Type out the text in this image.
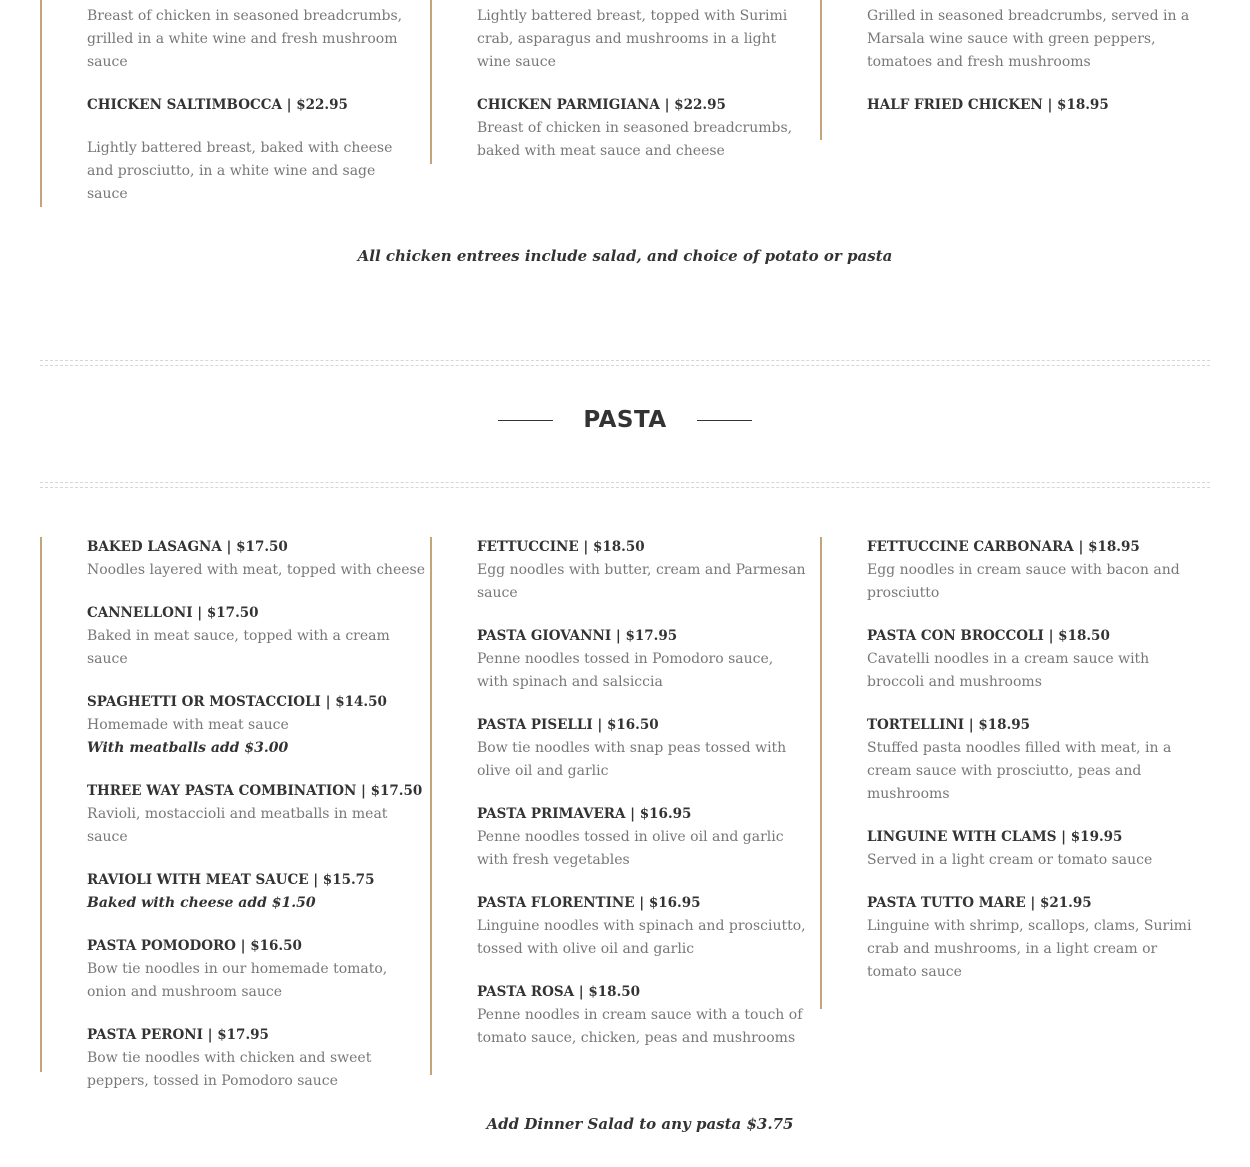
Breast of chicken in seasoned breadcrumbs, grilled in a white wine and fresh mushroom sauce
CHICKEN SALTIMBOCCA | $22.95
Lightly battered breast, baked with cheese and prosciutto, in a white wine and sage sauce
Lightly battered breast, topped with Surimi crab, asparagus and mushrooms in a light wine sauce
CHICKEN PARMIGIANA | $22.95
Breast of chicken in seasoned breadcrumbs, baked with meat sauce and cheese
Grilled in seasoned breadcrumbs, served in a Marsala wine sauce with green peppers, tomatoes and fresh mushrooms
HALF FRIED CHICKEN | $18.95
All chicken entrees include salad, and choice of potato or pasta
PASTA
BAKED LASAGNA | $17.50
Noodles layered with meat, topped with cheese
CANNELLONI | $17.50
Baked in meat sauce, topped with a cream sauce
SPAGHETTI OR MOSTACCIOLI | $14.50
Homemade with meat sauce
With meatballs add $3.00
THREE WAY PASTA COMBINATION | $17.50
Ravioli, mostaccioli and meatballs in meat sauce
RAVIOLI WITH MEAT SAUCE | $15.75
Baked with cheese add $1.50
PASTA POMODORO | $16.50
Bow tie noodles in our homemade tomato, onion and mushroom sauce
PASTA PERONI | $17.95
Bow tie noodles with chicken and sweet peppers, tossed in Pomodoro sauce
FETTUCCINE | $18.50
Egg noodles with butter, cream and Parmesan sauce
PASTA GIOVANNI | $17.95
Penne noodles tossed in Pomodoro sauce, with spinach and salsiccia
PASTA PISELLI | $16.50
Bow tie noodles with snap peas tossed with olive oil and garlic
PASTA PRIMAVERA | $16.95
Penne noodles tossed in olive oil and garlic with fresh vegetables
PASTA FLORENTINE | $16.95
Linguine noodles with spinach and prosciutto, tossed with olive oil and garlic
PASTA ROSA | $18.50
Penne noodles in cream sauce with a touch of tomato sauce, chicken, peas and mushrooms
FETTUCCINE CARBONARA | $18.95
Egg noodles in cream sauce with bacon and prosciutto
PASTA CON BROCCOLI | $18.50
Cavatelli noodles in a cream sauce with broccoli and mushrooms
TORTELLINI | $18.95
Stuffed pasta noodles filled with meat, in a cream sauce with prosciutto, peas and mushrooms
LINGUINE WITH CLAMS | $19.95
Served in a light cream or tomato sauce
PASTA TUTTO MARE | $21.95
Linguine with shrimp, scallops, clams, Surimi crab and mushrooms, in a light cream or tomato sauce
Add Dinner Salad to any pasta $3.75
